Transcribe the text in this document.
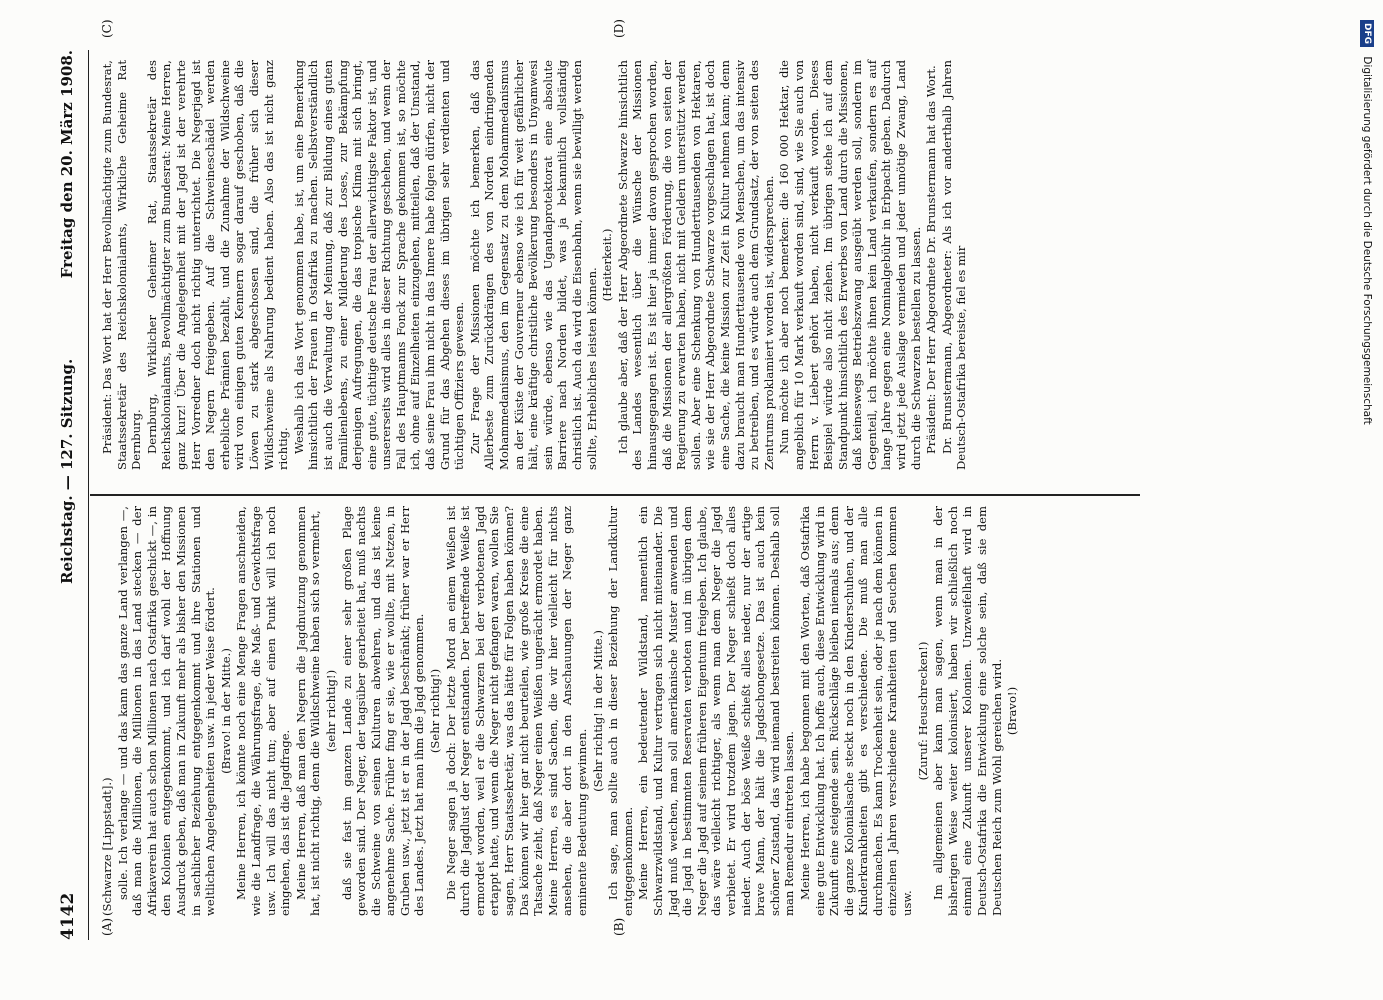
4142
Reichstag. — 127. Sitzung.
Freitag den 20. März 1908.
(A)	(B)
(C)	(D)

(Schwarze [Lippstadt].) solle. Ich verlange — und das kann das ganze Land verlangen —, daß man die Millionen, die Millionen in das Land stecken — der Afrikaverein hat auch schon Millionen nach Ostafrika geschickt —, in den Kolonien entgegenkommt, und ich darf wohl der Hoffnung Ausdruck geben, daß man in Zukunft mehr als bisher den Missionen in sachlicher Beziehung entgegenkommt und ihre Stationen und weltlichen Angelegenheiten usw. in jeder Weise fördert. (Bravo! in der Mitte.) Meine Herren, ich könnte noch eine Menge Fragen anschneiden, wie die Landfrage, die Währungsfrage, die Maß- und Gewichtsfrage usw. Ich will das nicht tun; aber auf einen Punkt will ich noch eingehen, das ist die Jagdfrage. Meine Herren, daß man den Negern die Jagdnutzung genommen hat, ist nicht richtig, denn die Wildschweine haben sich so vermehrt, (sehr richtig!) daß sie fast im ganzen Lande zu einer sehr großen Plage geworden sind. Der Neger, der tagsüber gearbeitet hat, muß nachts die Schweine von seinen Kulturen abwehren, und das ist keine angenehme Sache. Früher fing er sie, wie er wollte, mit Netzen, in Gruben usw., jetzt ist er in der Jagd beschränkt; früher war er Herr des Landes. Jetzt hat man ihm die Jagd genommen. (Sehr richtig!) Die Neger sagen ja doch: Der letzte Mord an einem Weißen ist durch die Jagdlust der Neger entstanden. Der betreffende Weiße ist ermordet worden, weil er die Schwarzen bei der verbotenen Jagd ertappt hatte, und wenn die Neger nicht gefangen waren, wollen Sie sagen, Herr Staatssekretär, was das hätte für Folgen haben können? Das können wir hier gar nicht beurteilen, wie große Kreise die eine Tatsache zieht, daß Neger einen Weißen ungerächt ermordet haben. Meine Herren, es sind Sachen, die wir hier vielleicht für nichts ansehen, die aber dort in den Anschauungen der Neger ganz eminente Bedeutung gewinnen.

(Sehr richtig! in der Mitte.) Ich sage, man sollte auch in dieser Beziehung der Landkultur entgegenkommen. Meine Herren, ein bedeutender Wildstand, namentlich ein Schwarzwildstand, und Kultur vertragen sich nicht miteinander. Die Jagd muß weichen, man soll amerikanische Muster anwenden und die Jagd in bestimmten Reservaten verboten und im übrigen dem Neger die Jagd auf seinem früheren Eigentum freigeben. Ich glaube, das wäre vielleicht richtiger, als wenn man dem Neger die Jagd verbietet. Er wird trotzdem jagen. Der Neger schießt doch alles nieder. Auch der böse Weiße schießt alles nieder, nur der artige brave Mann, der hält die Jagdschongesetze. Das ist auch kein schöner Zustand, das wird niemand bestreiten können. Deshalb soll man Remedur eintreten lassen. Meine Herren, ich habe begonnen mit den Worten, daß Ostafrika eine gute Entwicklung hat. Ich hoffe auch, diese Entwicklung wird in Zukunft eine steigende sein. Rückschläge bleiben niemals aus; denn die ganze Kolonialsache steckt noch in den Kinderschuhen, und der Kinderkrankheiten gibt es verschiedene. Die muß man alle durchmachen. Es kann Trockenheit sein, oder je nach dem können in einzelnen Jahren verschiedene Krankheiten und Seuchen kommen usw.

(Zuruf: Heuschrecken!) Im allgemeinen aber kann man sagen, wenn man in der bisherigen Weise weiter kolonisiert, haben wir schließlich noch einmal eine Zukunft unserer Kolonien. Unzweifelhaft wird in Deutsch-Ostafrika die Entwicklung eine solche sein, daß sie dem Deutschen Reich zum Wohl gereichen wird. (Bravo!)

Präsident: Das Wort hat der Herr Bevollmächtigte zum Bundesrat, Staatssekretär des Reichskolonialamts, Wirkliche Geheime Rat Dernburg. Dernburg, Wirklicher Geheimer Rat, Staatssekretär des Reichskolonialamts, Bevollmächtigter zum Bundesrat: Meine Herren, ganz kurz! Über die Angelegenheit mit der Jagd ist der verehrte Herr Vorredner doch nicht richtig unterrichtet. Die Negerjagd ist den Negern freigegeben. Auf die Schweineschädel werden erhebliche Prämien bezahlt, und die Zunahme der Wildschweine wird von einigen guten Kennern sogar darauf geschoben, daß die Löwen zu stark abgeschossen sind, die früher sich dieser Wildschweine als Nahrung bedient haben. Also das ist nicht ganz richtig. Weshalb ich das Wort genommen habe, ist, um eine Bemerkung hinsichtlich der Frauen in Ostafrika zu machen. Selbstverständlich ist auch die Verwaltung der Meinung, daß zur Bildung eines guten Familienlebens, zu einer Milderung des Loses, zur Bekämpfung derjenigen Aufregungen, die das tropische Klima mit sich bringt, eine gute, tüchtige deutsche Frau der allerwichtigste Faktor ist, und unsererseits wird alles in dieser Richtung geschehen, und wenn der Fall des Hauptmanns Fonck zur Sprache gekommen ist, so möchte ich, ohne auf Einzelheiten einzugehen, mitteilen, daß der Umstand, daß seine Frau ihm nicht in das Innere habe folgen dürfen, nicht der Grund für das Abgehen dieses im übrigen sehr verdienten und tüchtigen Offiziers gewesen. Zur Frage der Missionen möchte ich bemerken, daß das Allerbeste zum Zurückdrängen des von Norden eindringenden Mohammedanismus, den im Gegensatz zu dem Mohammedanismus an der Küste der Gouverneur ebenso wie ich für weit gefährlicher hält, eine kräftige christliche Bevölkerung besonders in Unyamwesi sein würde, ebenso wie das Ugandaprotektorat eine absolute Barriere nach Norden bildet, was ja bekanntlich vollständig christlich ist. Auch da wird die Eisenbahn, wenn sie bewilligt werden sollte, Erhebliches leisten können.

(Heiterkeit.) Ich glaube aber, daß der Herr Abgeordnete Schwarze hinsichtlich des Landes wesentlich über die Wünsche der Missionen hinausgegangen ist. Es ist hier ja immer davon gesprochen worden, daß die Missionen der allergrößten Förderung, die von seiten der Regierung zu erwarten haben, nicht mit Geldern unterstützt werden sollen. Aber eine Schenkung von Hunderttausenden von Hektaren, wie sie der Herr Abgeordnete Schwarze vorgeschlagen hat, ist doch eine Sache, die keine Mission zur Zeit in Kultur nehmen kann; denn dazu braucht man Hunderttausende von Menschen, um das intensiv zu betreiben, und es würde auch dem Grundsatz, der von seiten des Zentrums proklamiert worden ist, widersprechen. Nun möchte ich aber noch bemerken: die 160 000 Hektar, die angeblich für 10 Mark verkauft worden sind, sind, wie Sie auch von Herrn v. Liebert gehört haben, nicht verkauft worden. Dieses Beispiel würde also nicht ziehen. Im übrigen stehe ich auf dem Standpunkt hinsichtlich des Erwerbes von Land durch die Missionen, daß keineswegs Betriebszwang ausgeübt werden soll, sondern im Gegenteil, ich möchte ihnen kein Land verkaufen, sondern es auf lange Jahre gegen eine Nominalgebühr in Erbpacht geben. Dadurch wird jetzt jede Auslage vermieden und jeder unnötige Zwang, Land durch die Schwarzen bestellen zu lassen. Präsident: Der Herr Abgeordnete Dr. Brunstermann hat das Wort. Dr. Brunstermann, Abgeordneter: Als ich vor anderthalb Jahren Deutsch-Ostafrika bereiste, fiel es mir

DFG Digitalisierung gefördert durch die Deutsche Forschungsgemeinschaft
